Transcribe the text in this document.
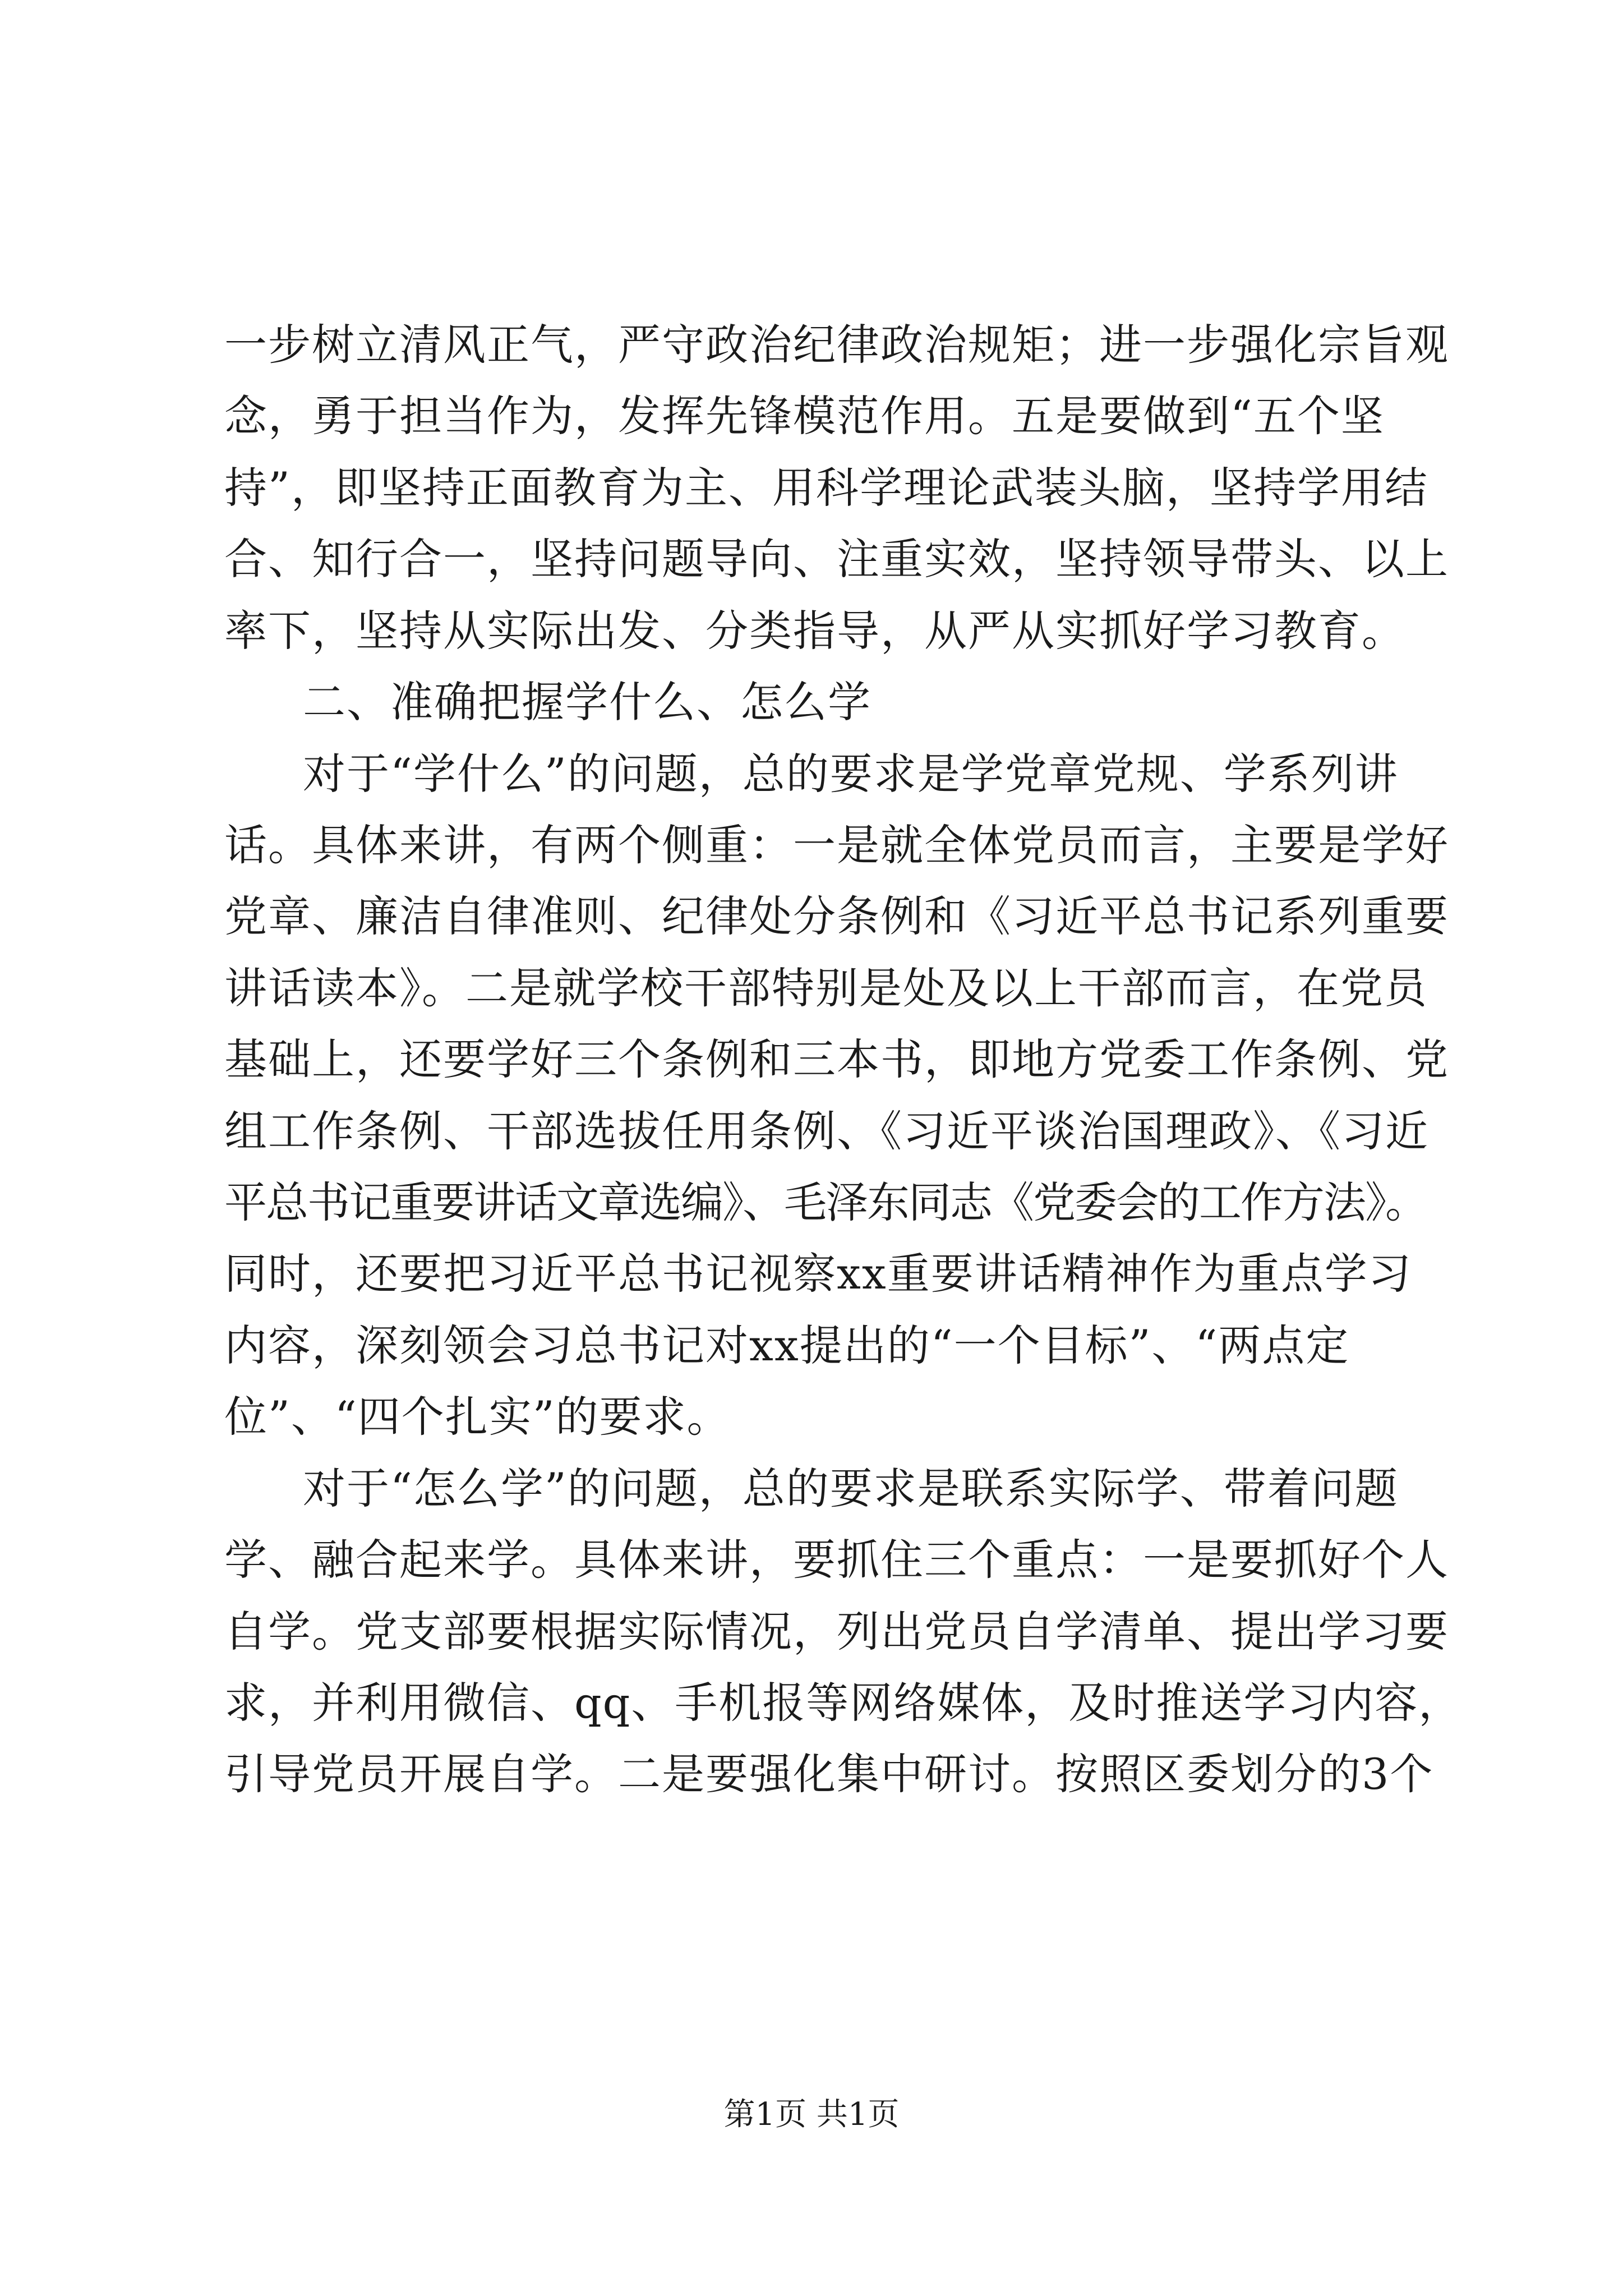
一步树立清风正气，严守政治纪律政治规矩；进一步强化宗旨观
念，勇于担当作为，发挥先锋模范作用。五是要做到“五个坚
持”，即坚持正面教育为主、用科学理论武装头脑，坚持学用结
合、知行合一，坚持问题导向、注重实效，坚持领导带头、以上
率下，坚持从实际出发、分类指导，从严从实抓好学习教育。
二、准确把握学什么、怎么学
对于“学什么”的问题，总的要求是学党章党规、学系列讲
话。具体来讲，有两个侧重：一是就全体党员而言，主要是学好
党章、廉洁自律准则、纪律处分条例和《习近平总书记系列重要
讲话读本》。二是就学校干部特别是处及以上干部而言，在党员
基础上，还要学好三个条例和三本书，即地方党委工作条例、党
组工作条例、干部选拔任用条例、《习近平谈治国理政》、《习近
平总书记重要讲话文章选编》、毛泽东同志《党委会的工作方法》。
同时，还要把习近平总书记视察xx重要讲话精神作为重点学习
内容，深刻领会习总书记对xx提出的“一个目标”、“两点定
位”、“四个扎实”的要求。
对于“怎么学”的问题，总的要求是联系实际学、带着问题
学、融合起来学。具体来讲，要抓住三个重点：一是要抓好个人
自学。党支部要根据实际情况，列出党员自学清单、提出学习要
求，并利用微信、qq、手机报等网络媒体，及时推送学习内容，
引导党员开展自学。二是要强化集中研讨。按照区委划分的3个
第1页 共1页
